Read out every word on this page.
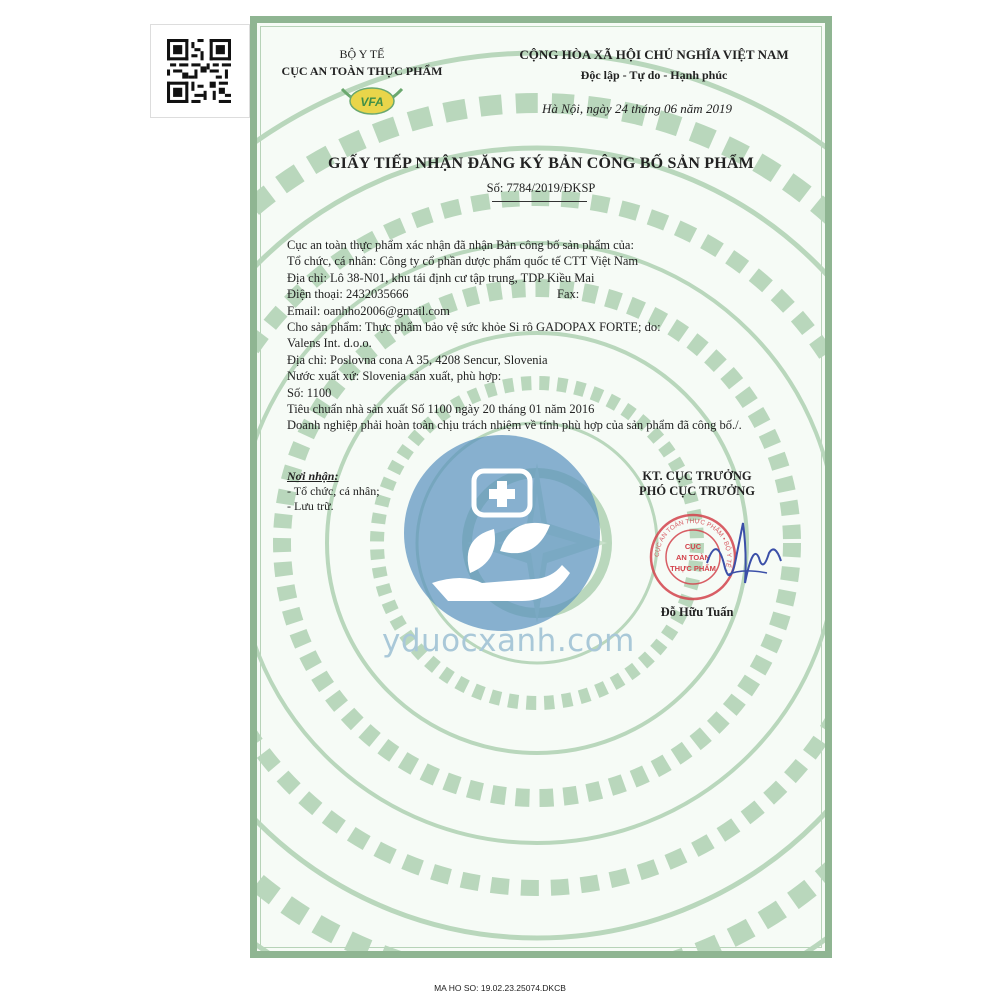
BỘ Y TẾ
CỤC AN TOÀN THỰC PHẨM
VFA
CỘNG HÒA XÃ HỘI CHỦ NGHĨA VIỆT NAM
Độc lập - Tự do - Hạnh phúc
Hà Nội, ngày 24 tháng 06 năm 2019
GIẤY TIẾP NHẬN ĐĂNG KÝ BẢN CÔNG BỐ SẢN PHẨM
Số: 7784/2019/ĐKSP
Cục an toàn thực phẩm xác nhận đã nhận Bản công bố sản phẩm của:
Tổ chức, cá nhân: Công ty cổ phần dược phẩm quốc tế CTT Việt Nam
Địa chỉ: Lô 38-N01, khu tái định cư tập trung, TDP Kiều Mai
Điện thoại: 2432035666	Fax:
Email: oanhho2006@gmail.com
Cho sản phẩm: Thực phẩm bảo vệ sức khỏe Si rô GADOPAX FORTE; do:
Valens Int. d.o.o.
Địa chỉ: Poslovna cona A 35, 4208 Sencur, Slovenia
Nước xuất xứ: Slovenia sản xuất, phù hợp:
Số: 1100
Tiêu chuẩn nhà sản xuất Số 1100 ngày 20 tháng 01 năm 2016
Doanh nghiệp phải hoàn toàn chịu trách nhiệm về tính phù hợp của sản phẩm đã công bố./.
Nơi nhận:
- Tổ chức, cá nhân;
- Lưu trữ.
KT. CỤC TRƯỞNG
PHÓ CỤC TRƯỞNG
CỤC AN TOÀN THỰC PHẨM • BỘ Y TẾ •
CỤC
AN TOÀN
THỰC PHẨM
Đỗ Hữu Tuấn
yduocxanh.com
MA HO SO: 19.02.23.25074.DKCB
